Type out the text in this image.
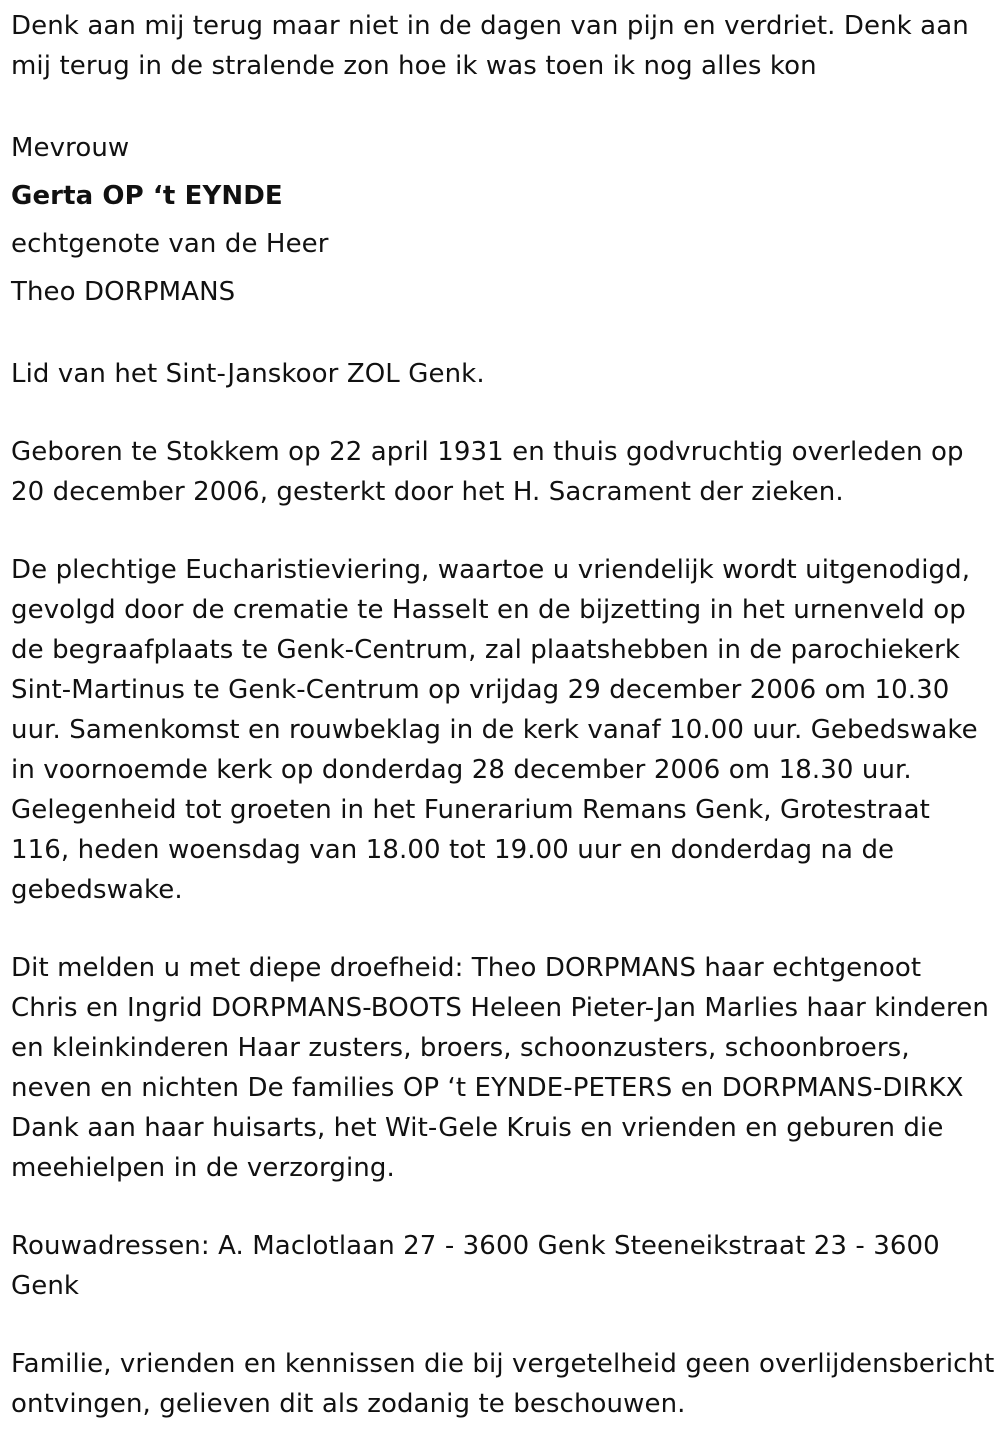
Denk aan mij terug maar niet in de dagen van pijn en verdriet. Denk aan mij terug in de stralende zon hoe ik was toen ik nog alles kon

Mevrouw

Gerta OP ‘t EYNDE

echtgenote van de Heer

Theo DORPMANS

Lid van het Sint-Janskoor ZOL Genk.

Geboren te Stokkem op 22 april 1931 en thuis godvruchtig overleden op 20 december 2006, gesterkt door het H. Sacrament der zieken.

De plechtige Eucharistieviering, waartoe u vriendelijk wordt uitgenodigd, gevolgd door de crematie te Hasselt en de bijzetting in het urnenveld op de begraafplaats te Genk-Centrum, zal plaatshebben in de parochiekerk Sint-Martinus te Genk-Centrum op vrijdag 29 december 2006 om 10.30 uur. Samenkomst en rouwbeklag in de kerk vanaf 10.00 uur. Gebedswake in voornoemde kerk op donderdag 28 december 2006 om 18.30 uur. Gelegenheid tot groeten in het Funerarium Remans Genk, Grotestraat 116, heden woensdag van 18.00 tot 19.00 uur en donderdag na de gebedswake.

Dit melden u met diepe droefheid: Theo DORPMANS haar echtgenoot Chris en Ingrid DORPMANS-BOOTS Heleen Pieter-Jan Marlies haar kinderen en kleinkinderen Haar zusters, broers, schoonzusters, schoonbroers, neven en nichten De families OP ‘t EYNDE-PETERS en DORPMANS-DIRKX Dank aan haar huisarts, het Wit-Gele Kruis en vrienden en geburen die meehielpen in de verzorging.

Rouwadressen: A. Maclotlaan 27 - 3600 Genk Steeneikstraat 23 - 3600 Genk

Familie, vrienden en kennissen die bij vergetelheid geen overlijdensbericht ontvingen, gelieven dit als zodanig te beschouwen.
